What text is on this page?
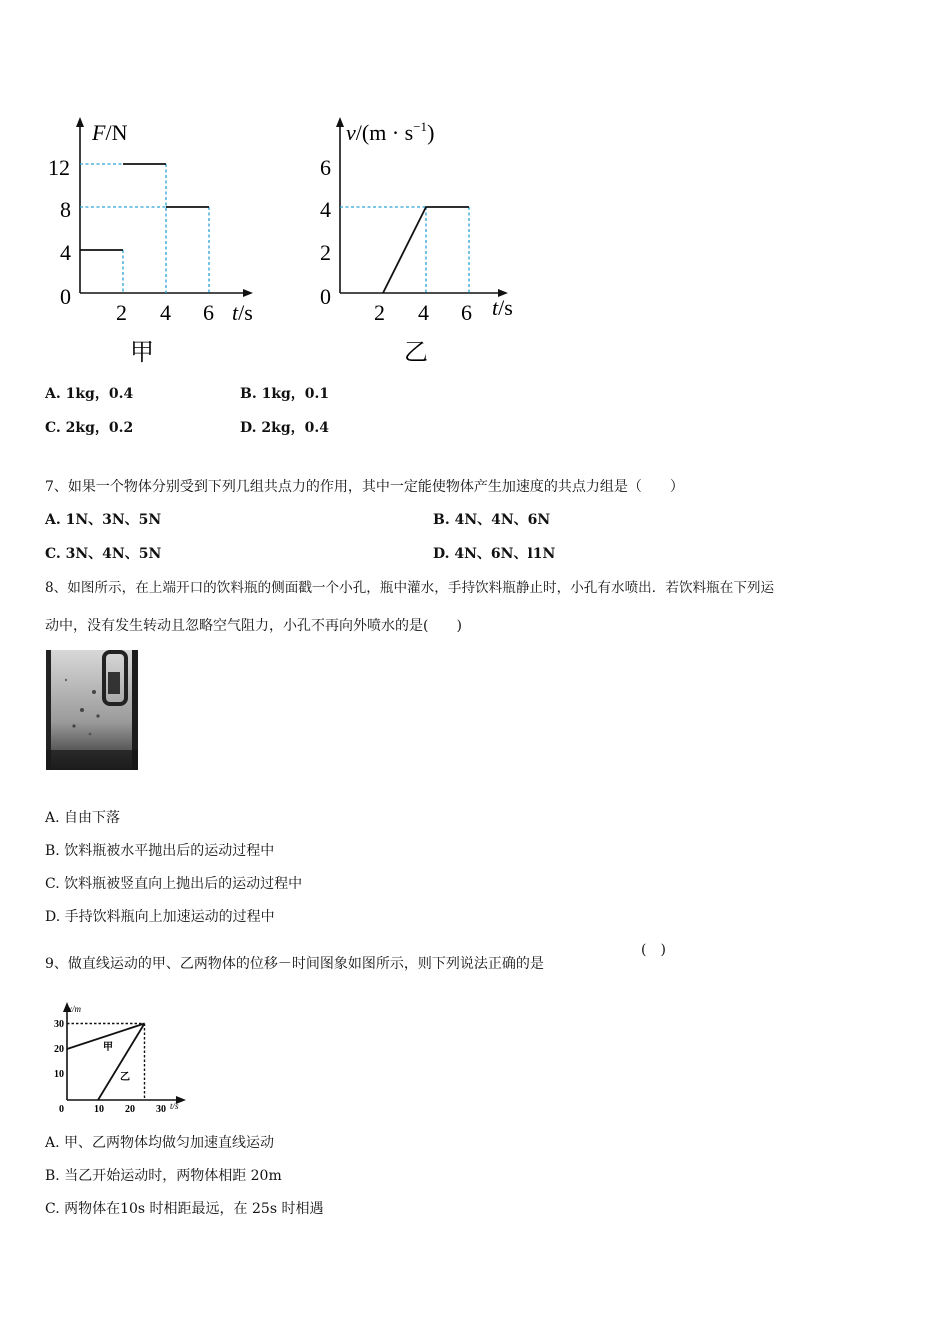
F/N
t/s
12
8
4
0
2 4 6
甲
$v/(m \cdot s^{-1})$
t/s
6
4
2
0
2 4 6
乙
A. 1kg，0.4	B. 1kg，0.1
C. 2kg，0.2	D. 2kg，0.4
7、如果一个物体分别受到下列几组共点力的作用，其中一定能使物体产生加速度的共点力组是（　　）
A. 1N、3N、5N	B. 4N、4N、6N
C. 3N、4N、5N	D. 4N、6N、l1N
8、如图所示，在上端开口的饮料瓶的侧面戳一个小孔，瓶中灌水，手持饮料瓶静止时，小孔有水喷出．若饮料瓶在下列运
动中，没有发生转动且忽略空气阻力，小孔不再向外喷水的是(　　)
A. 自由下落
B. 饮料瓶被水平抛出后的运动过程中
C. 饮料瓶被竖直向上抛出后的运动过程中
D. 手持饮料瓶向上加速运动的过程中
9、做直线运动的甲、乙两物体的位移－时间图象如图所示，则下列说法正确的是
(　)
x/m
t/s
30
20
10
0	10 20 30
甲
乙
A. 甲、乙两物体均做匀加速直线运动
B. 当乙开始运动时，两物体相距 20m
C. 两物体在10s 时相距最远，在 25s 时相遇
